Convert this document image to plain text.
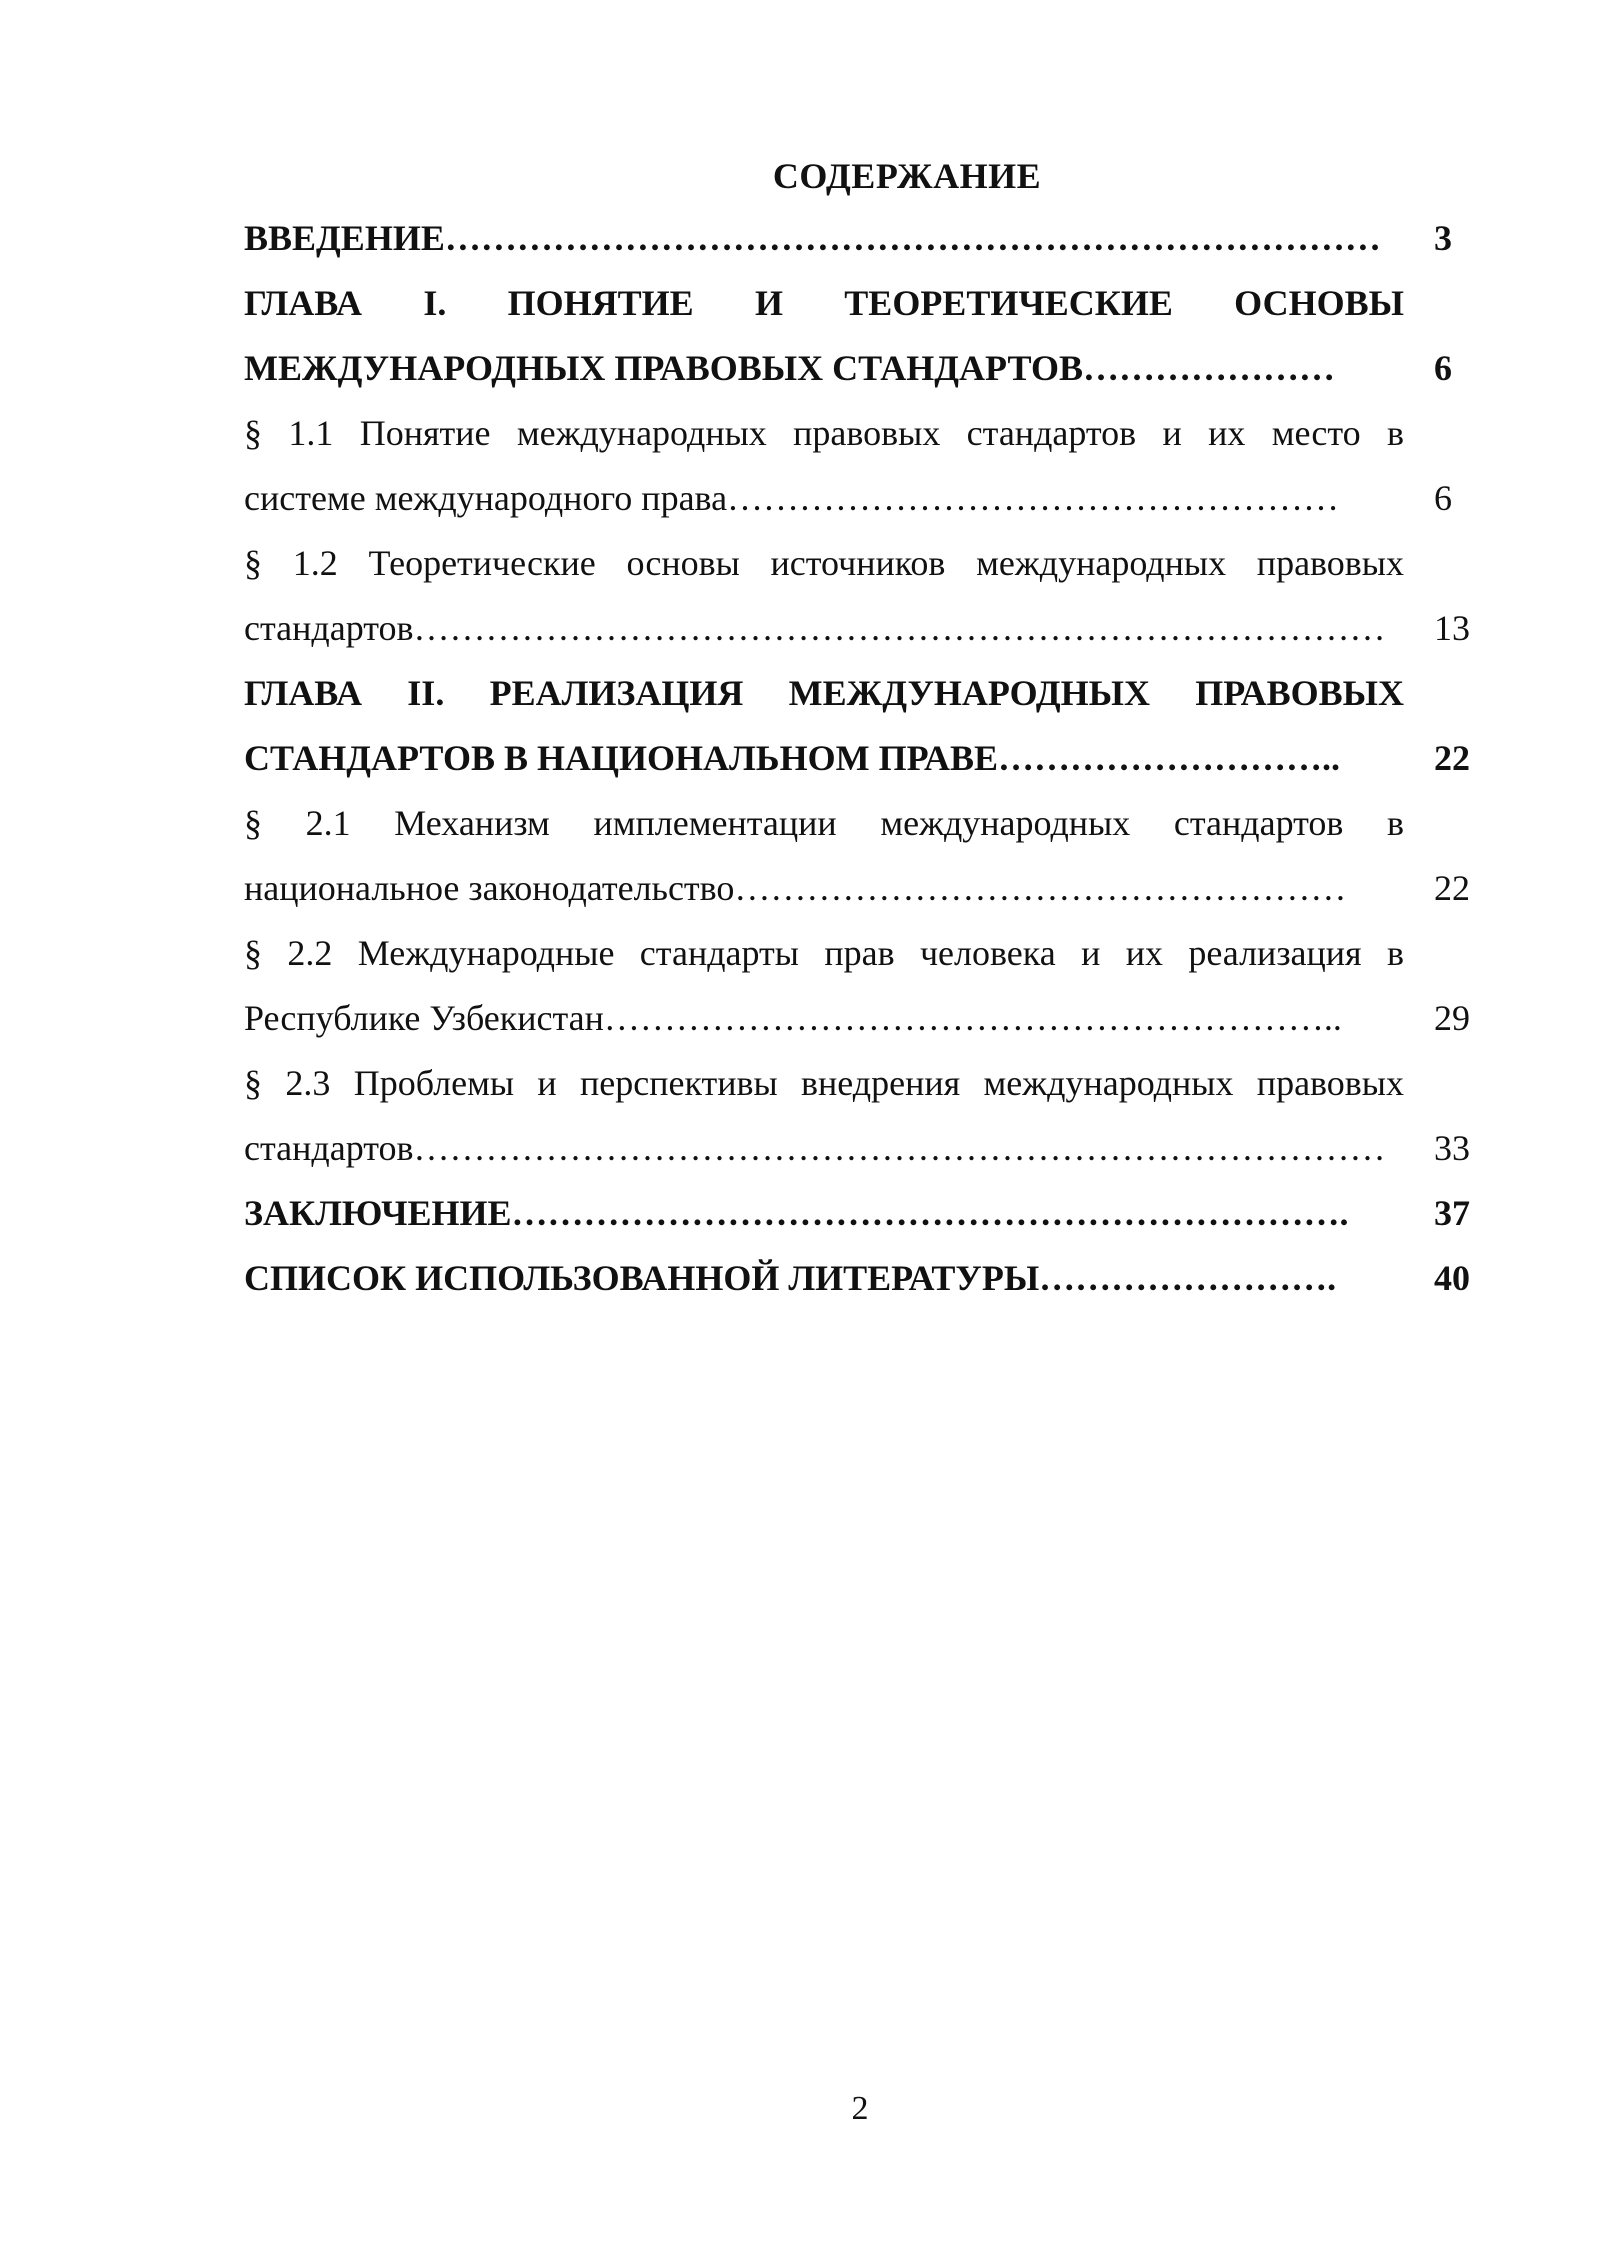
СОДЕРЖАНИЕ
ВВЕДЕНИЕ……………………………………………………………………	3
ГЛАВА I. ПОНЯТИЕ И ТЕОРЕТИЧЕСКИЕ ОСНОВЫ
МЕЖДУНАРОДНЫХ ПРАВОВЫХ СТАНДАРТОВ…………………	6
§ 1.1 Понятие международных правовых стандартов и их место в
системе международного права……………………………………………	6
§ 1.2 Теоретические основы источников международных правовых
стандартов………………………………………………………………………	13
ГЛАВА II. РЕАЛИЗАЦИЯ МЕЖДУНАРОДНЫХ ПРАВОВЫХ
СТАНДАРТОВ В НАЦИОНАЛЬНОМ ПРАВЕ………………………..	22
§ 2.1 Механизм имплементации международных стандартов в
национальное законодательство……………………………………………	22
§ 2.2 Международные стандарты прав человека и их реализация в
Республике Узбекистан……………………………………………………..	29
§ 2.3 Проблемы и перспективы внедрения международных правовых
стандартов………………………………………………………………………	33
ЗАКЛЮЧЕНИЕ…………………………………………………………….	37
СПИСОК ИСПОЛЬЗОВАННОЙ ЛИТЕРАТУРЫ…………………….	40
2
